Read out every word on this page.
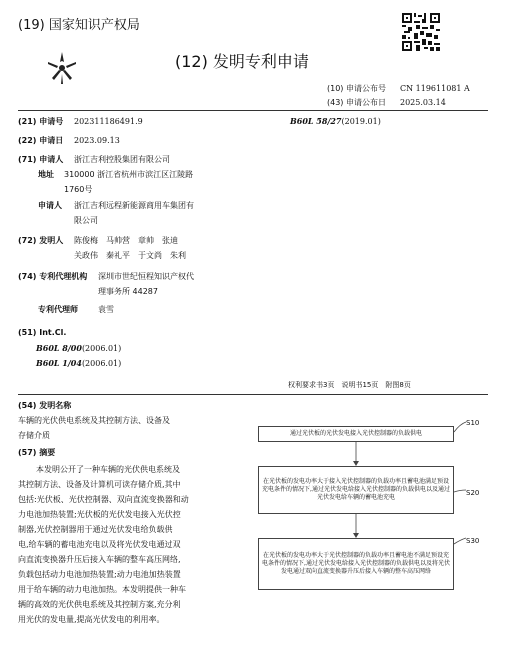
(19) 国家知识产权局
(12) 发明专利申请
(10) 申请公布号 CN 119611081 A
(43) 申请公布日 2025.03.14
(21) 申请号 202311186491.9	B60L 58/27(2019.01)
(22) 申请日 2023.09.13
(71) 申请人 浙江吉利控股集团有限公司
地址 310000 浙江省杭州市滨江区江陵路
1760号
申请人 浙江吉利远程新能源商用车集团有
限公司
(72) 发明人 陈俊梅　马帅营　章帅　张迪
关政伟　秦礼平　于文尚　朱利
(74) 专利代理机构 深圳市世纪恒程知识产权代
理事务所 44287
专利代理师	袁雪
(51) Int.Cl.
B60L 8/00(2006.01)
B60L 1/04(2006.01)
权利要求书3页　说明书15页　附图8页
(54) 发明名称
车辆的光伏供电系统及其控制方法、设备及
存储介质
(57) 摘要
本发明公开了一种车辆的光伏供电系统及
其控制方法、设备及计算机可读存储介质,其中
包括:光伏板、光伏控制器、双向直流变换器和动
力电池加热装置;光伏板的光伏发电接入光伏控
制器,光伏控制器用于通过光伏发电给负载供
电,给车辆的蓄电池充电以及将光伏发电通过双
向直流变换器升压后接入车辆的整车高压网络,
负载包括动力电池加热装置;动力电池加热装置
用于给车辆的动力电池加热。本发明提供一种车
辆的高效的光伏供电系统及其控制方案,充分利
用光伏的发电量,提高光伏发电的利用率。
通过光伏板的光伏发电接入光伏控制器的负载供电
S10
在光伏板的发电功率大于接入光伏控制器的负载功率且蓄电池满足预设充电条件的情况下,通过光伏发电给接入光伏控制器的负载供电以及通过光伏发电给车辆的蓄电池充电
S20
在光伏板的发电功率大于光伏控制器的负载功率且蓄电池不满足预设充电条件的情况下,通过光伏发电给接入光伏控制器的负载供电以及将光伏发电通过双向直流变换器升压后接入车辆的整车高压网络
S30
